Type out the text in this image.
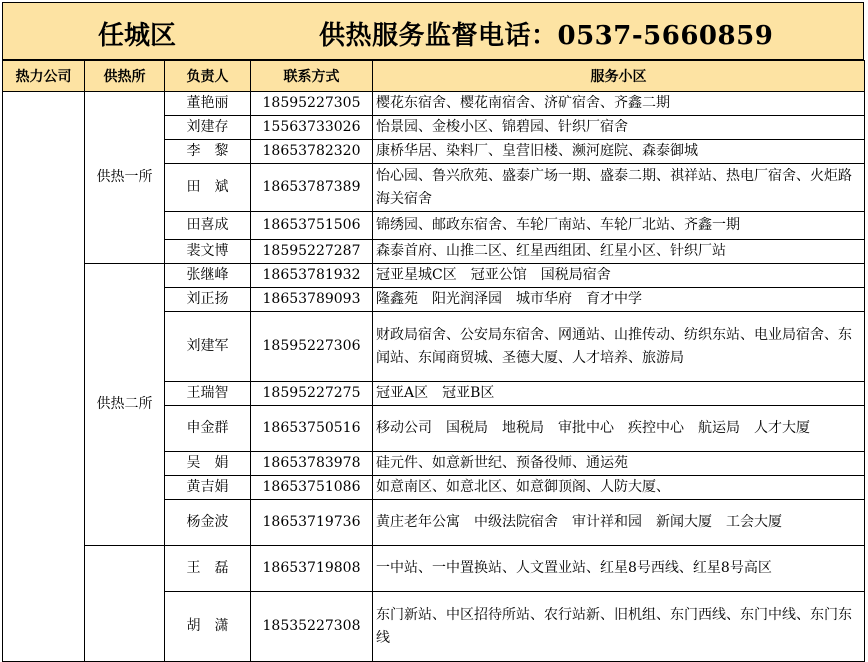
任城区	供热服务监督电话：0537-5660859
热力公司	供热所	负责人	联系方式	服务小区
	供热一所	董艳丽	18595227305	樱花东宿舍、樱花南宿舍、济矿宿舍、齐鑫二期
		刘建存	15563733026	怡景园、金梭小区、锦碧园、针织厂宿舍
		李　黎	18653782320	康桥华居、染料厂、皇营旧楼、濒河庭院、森泰御城
		田　斌	18653787389	怡心园、鲁兴欣苑、盛泰广场一期、盛泰二期、祺祥站、热电厂宿舍、火炬路海关宿舍
		田喜成	18653751506	锦绣园、邮政东宿舍、车轮厂南站、车轮厂北站、齐鑫一期
		裴文博	18595227287	森泰首府、山推二区、红星西组团、红星小区、针织厂站
	供热二所	张继峰	18653781932	冠亚星城C区　冠亚公馆　国税局宿舍
		刘正扬	18653789093	隆鑫苑　阳光润泽园　城市华府　育才中学
		刘建军	18595227306	财政局宿舍、公安局东宿舍、网通站、山推传动、纺织东站、电业局宿舍、东闻站、东闻商贸城、圣德大厦、人才培养、旅游局
		王瑞智	18595227275	冠亚A区　冠亚B区
		申金群	18653750516	移动公司　国税局　地税局　审批中心　疾控中心　航运局　人才大厦
		吴　娟	18653783978	硅元件、如意新世纪、预备役师、通运苑
		黄吉娟	18653751086	如意南区、如意北区、如意御顶阁、人防大厦、
		杨金波	18653719736	黄庄老年公寓　中级法院宿舍　审计祥和园　新闻大厦　工会大厦
		王　磊	18653719808	一中站、一中置换站、人文置业站、红星8号西线、红星8号高区
		胡　潇	18535227308	东门新站、中区招待所站、农行站新、旧机组、东门西线、东门中线、东门东线
